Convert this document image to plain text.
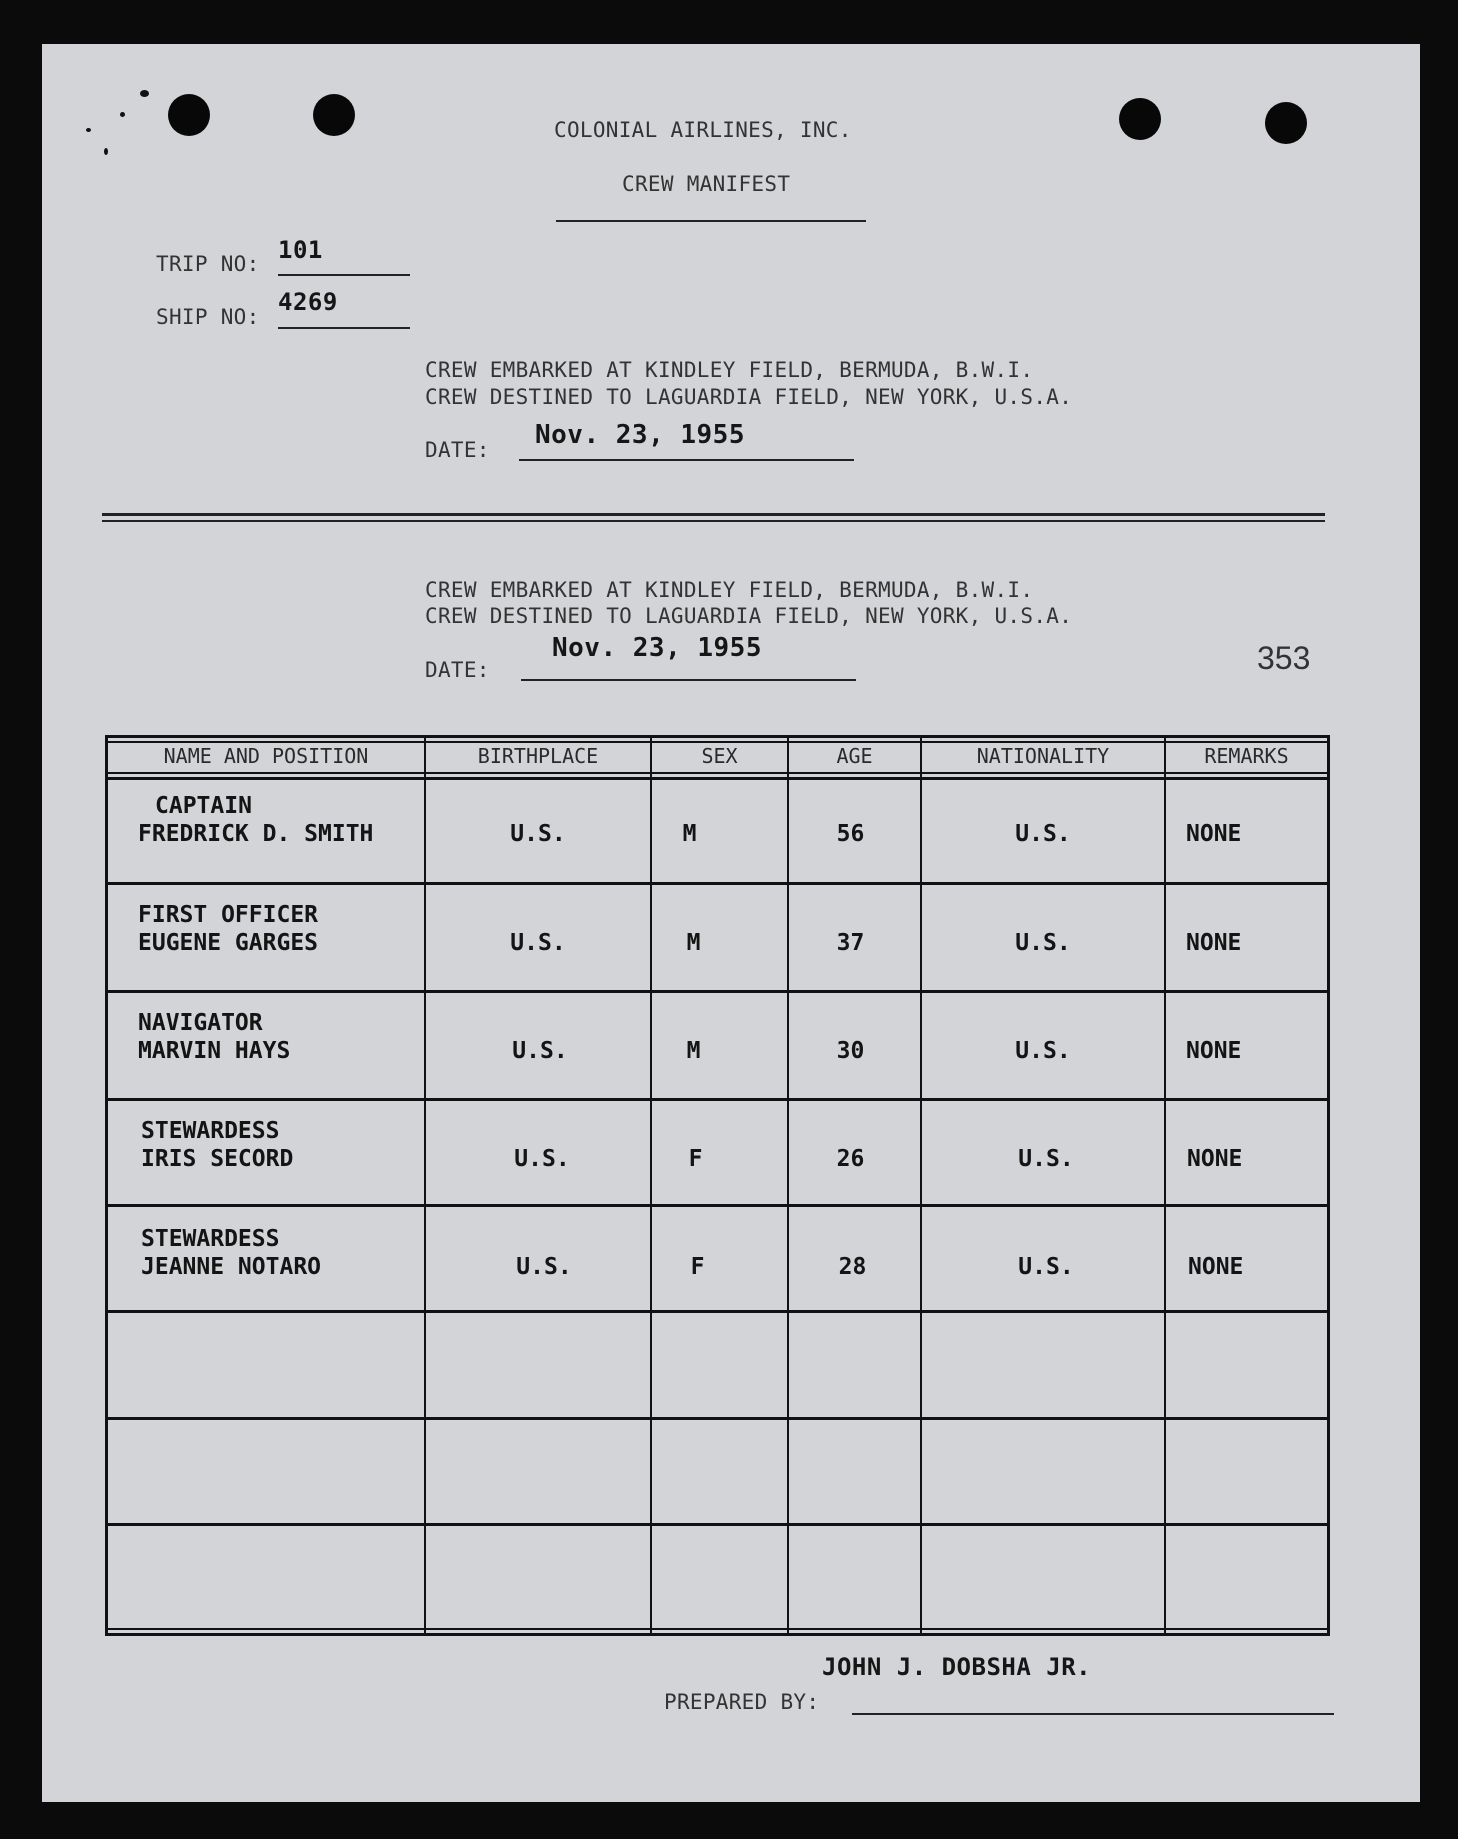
COLONIAL AIRLINES, INC.
CREW MANIFEST
TRIP NO: 101
SHIP NO:
4269
CREW EMBARKED AT KINDLEY FIELD, BERMUDA, B.W.I.
CREW DESTINED TO LAGUARDIA FIELD, NEW YORK, U.S.A.
DATE: Nov. 23, 1955
CREW EMBARKED AT KINDLEY FIELD, BERMUDA, B.W.I.
CREW DESTINED TO LAGUARDIA FIELD, NEW YORK, U.S.A.
Nov. 23, 1955
DATE:	353
NAME AND POSITION	BIRTHPLACE	SEX	AGE	NATIONALITY	REMARKS
CAPTAIN
FREDRICK D. SMITH	U.S.	M	56	U.S.	NONE
FIRST OFFICER
EUGENE GARGES	U.S.	M	37	U.S.	NONE
NAVIGATOR
MARVIN HAYS	U.S.	M	30	U.S.	NONE
STEWARDESS
IRIS SECORD	U.S.	F	26	U.S.	NONE
STEWARDESS
JEANNE NOTARO	U.S.	F	28	U.S.	NONE
JOHN J. DOBSHA JR.
PREPARED BY:
